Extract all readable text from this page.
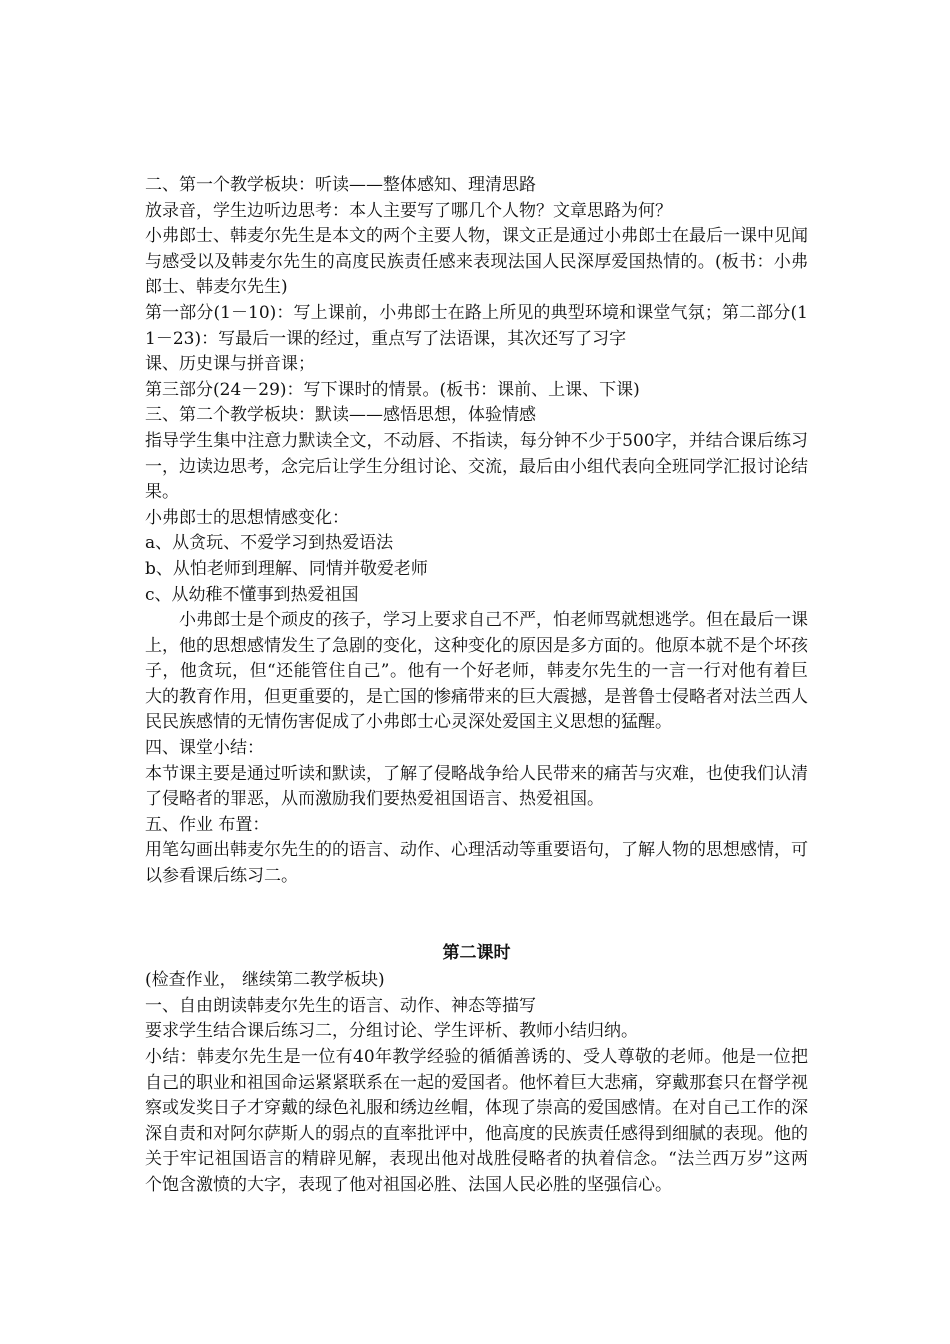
二、第一个教学板块：听读——整体感知、理清思路

放录音，学生边听边思考：本人主要写了哪几个人物？文章思路为何？

小弗郎士、韩麦尔先生是本文的两个主要人物，课文正是通过小弗郎士在最后一课中见闻与感受以及韩麦尔先生的高度民族责任感来表现法国人民深厚爱国热情的。(板书：小弗郎士、韩麦尔先生)

第一部分(1－10)：写上课前，小弗郎士在路上所见的典型环境和课堂气氛；第二部分(11－23)：写最后一课的经过，重点写了法语课，其次还写了习字

课、历史课与拼音课；

第三部分(24－29)：写下课时的情景。(板书：课前、上课、下课)

三、第二个教学板块：默读——感悟思想，体验情感

指导学生集中注意力默读全文，不动唇、不指读，每分钟不少于500字，并结合课后练习一，边读边思考，念完后让学生分组讨论、交流，最后由小组代表向全班同学汇报讨论结果。

小弗郎士的思想情感变化：

a、从贪玩、不爱学习到热爱语法

b、从怕老师到理解、同情并敬爱老师

c、从幼稚不懂事到热爱祖国

小弗郎士是个顽皮的孩子，学习上要求自己不严，怕老师骂就想逃学。但在最后一课上，他的思想感情发生了急剧的变化，这种变化的原因是多方面的。他原本就不是个坏孩子，他贪玩，但“还能管住自己”。他有一个好老师，韩麦尔先生的一言一行对他有着巨大的教育作用，但更重要的，是亡国的惨痛带来的巨大震撼，是普鲁士侵略者对法兰西人民民族感情的无情伤害促成了小弗郎士心灵深处爱国主义思想的猛醒。

四、课堂小结：

本节课主要是通过听读和默读，了解了侵略战争给人民带来的痛苦与灾难，也使我们认清了侵略者的罪恶，从而激励我们要热爱祖国语言、热爱祖国。

五、作业 布置：

用笔勾画出韩麦尔先生的的语言、动作、心理活动等重要语句，了解人物的思想感情，可以参看课后练习二。

第二课时

(检查作业， 继续第二教学板块)

一、自由朗读韩麦尔先生的语言、动作、神态等描写

要求学生结合课后练习二，分组讨论、学生评析、教师小结归纳。

小结：韩麦尔先生是一位有40年教学经验的循循善诱的、受人尊敬的老师。他是一位把自己的职业和祖国命运紧紧联系在一起的爱国者。他怀着巨大悲痛，穿戴那套只在督学视察或发奖日子才穿戴的绿色礼服和绣边丝帽，体现了崇高的爱国感情。在对自己工作的深深自责和对阿尔萨斯人的弱点的直率批评中，他高度的民族责任感得到细腻的表现。他的关于牢记祖国语言的精辟见解，表现出他对战胜侵略者的执着信念。“法兰西万岁”这两个饱含激愤的大字，表现了他对祖国必胜、法国人民必胜的坚强信心。
